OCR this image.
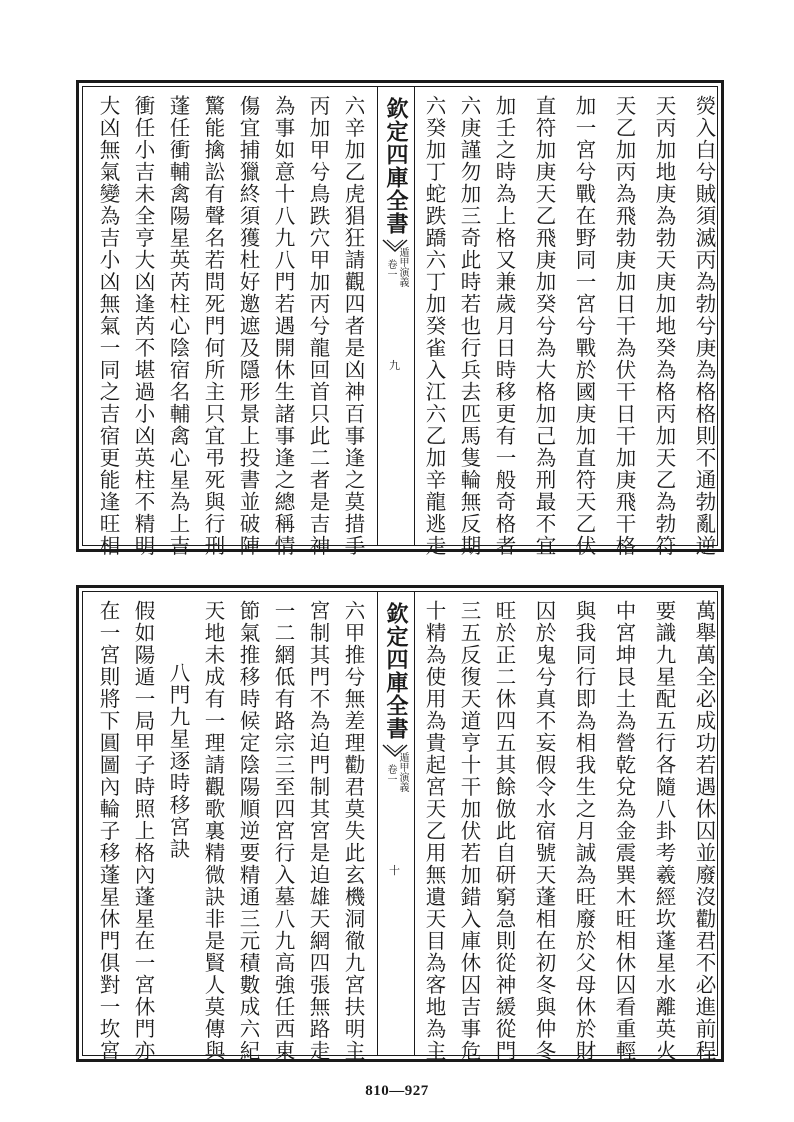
熒入白兮賊須滅丙為勃兮庚為格格則不通勃亂逆
天丙加地庚為勃天庚加地癸為格丙加天乙為勃符
天乙加丙為飛勃庚加日干為伏干日干加庚飛干格
加一宮兮戰在野同一宮兮戰於國庚加直符天乙伏
直符加庚天乙飛庚加癸兮為大格加己為刑最不宜
加壬之時為上格又兼歲月日時移更有一般奇格者
六庚謹勿加三奇此時若也行兵去匹馬隻輪無反期
六癸加丁蛇跌蹻六丁加癸雀入江六乙加辛龍逃走
欽定四庫全書
卷一 遁甲演義
九
六辛加乙虎猖狂請觀四者是凶神百事逢之莫措手
丙加甲兮鳥跌穴甲加丙兮龍回首只此二者是吉神
為事如意十八九八門若遇開休生諸事逢之總稱情
傷宜捕獵終須獲杜好邀遮及隱形景上投書並破陣
驚能擒訟有聲名若問死門何所主只宜弔死與行刑
蓬任衝輔禽陽星英芮柱心陰宿名輔禽心星為上吉
衝任小吉未全亨大凶逢芮不堪過小凶英柱不精明
大凶無氣變為吉小凶無氣一同之吉宿更能逢旺相
萬舉萬全必成功若遇休囚並廢沒勸君不必進前程
要識九星配五行各隨八卦考羲經坎蓬星水離英火
中宮坤艮土為營乾兌為金震巽木旺相休囚看重輕
與我同行即為相我生之月誠為旺廢於父母休於財
囚於鬼兮真不妄假令水宿號天蓬相在初冬與仲冬
旺於正二休四五其餘倣此自研窮急則從神緩從門
三五反復天道亨十干加伏若加錯入庫休囚吉事危
十精為使用為貴起宮天乙用無遺天目為客地為主
欽定四庫全書
卷一 遁甲演義
十
六甲推兮無差理勸君莫失此玄機洞徹九宮扶明主
宮制其門不為迫門制其宮是迫雄天網四張無路走
一二網低有路宗三至四宮行入墓八九高強任西東
節氣推移時候定陰陽順逆要精通三元積數成六紀
天地未成有一理請觀歌裏精微訣非是賢人莫傳與
八門九星逐時移宮訣
假如陽遁一局甲子時照上格內蓬星在一宮休門亦
在一宮則將下圓圖內輪子移蓬星休門俱對一坎宮
810—927
